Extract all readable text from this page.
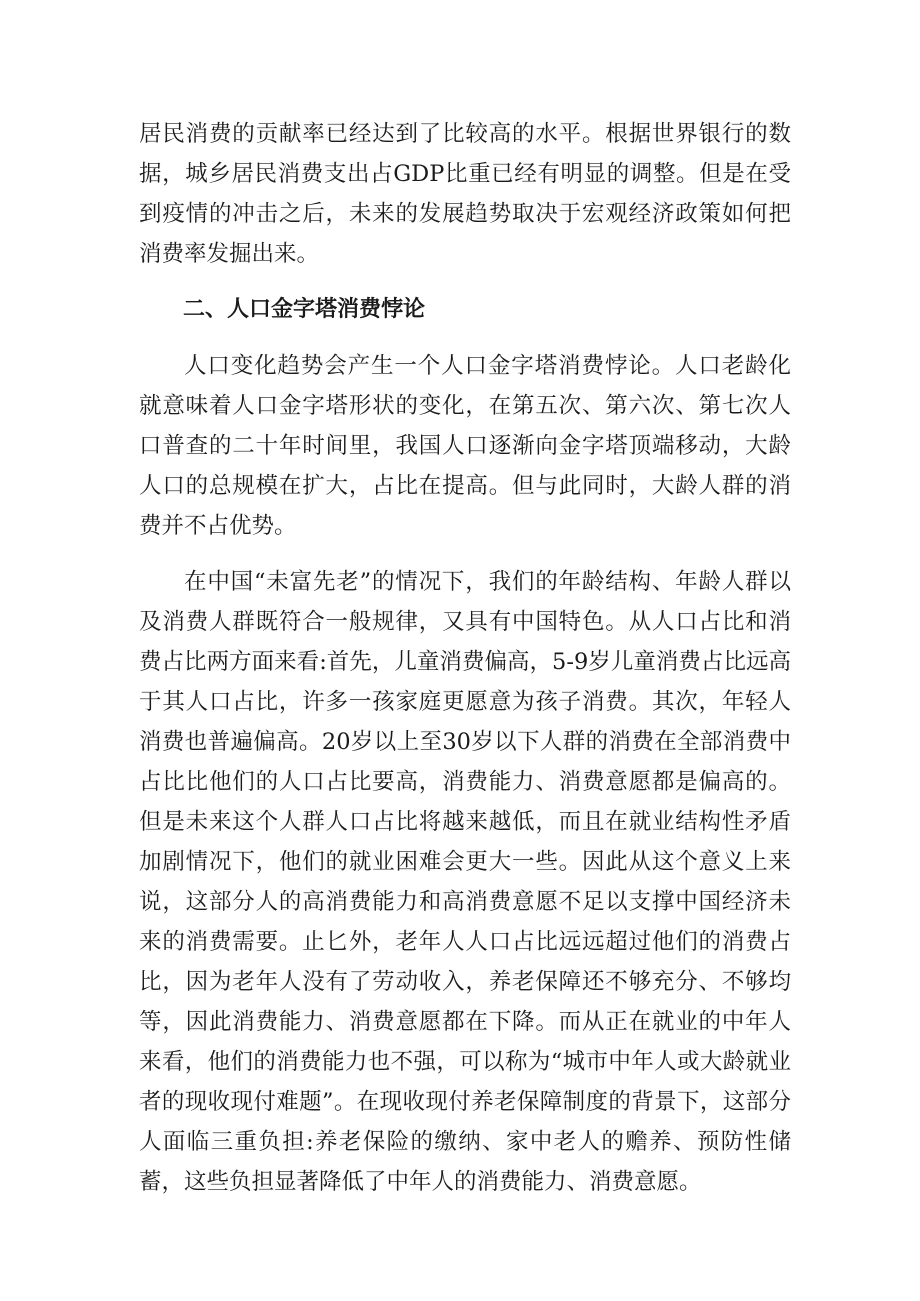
居民消费的贡献率已经达到了比较高的水平。根据世界银行的数据，城乡居民消费支出占GDP比重已经有明显的调整。但是在受到疫情的冲击之后，未来的发展趋势取决于宏观经济政策如何把消费率发掘出来。

二、人口金字塔消费悖论

人口变化趋势会产生一个人口金字塔消费悖论。人口老龄化就意味着人口金字塔形状的变化，在第五次、第六次、第七次人口普查的二十年时间里，我国人口逐渐向金字塔顶端移动，大龄人口的总规模在扩大，占比在提高。但与此同时，大龄人群的消费并不占优势。

在中国“未富先老”的情况下，我们的年龄结构、年龄人群以及消费人群既符合一般规律，又具有中国特色。从人口占比和消费占比两方面来看:首先，儿童消费偏高，5-9岁儿童消费占比远高于其人口占比，许多一孩家庭更愿意为孩子消费。其次，年轻人消费也普遍偏高。20岁以上至30岁以下人群的消费在全部消费中占比比他们的人口占比要高，消费能力、消费意愿都是偏高的。但是未来这个人群人口占比将越来越低，而且在就业结构性矛盾加剧情况下，他们的就业困难会更大一些。因此从这个意义上来说，这部分人的高消费能力和高消费意愿不足以支撑中国经济未来的消费需要。止匕外，老年人人口占比远远超过他们的消费占比，因为老年人没有了劳动收入，养老保障还不够充分、不够均等，因此消费能力、消费意愿都在下降。而从正在就业的中年人来看，他们的消费能力也不强，可以称为“城市中年人或大龄就业者的现收现付难题”。在现收现付养老保障制度的背景下，这部分人面临三重负担:养老保险的缴纳、家中老人的赡养、预防性储蓄，这些负担显著降低了中年人的消费能力、消费意愿。
